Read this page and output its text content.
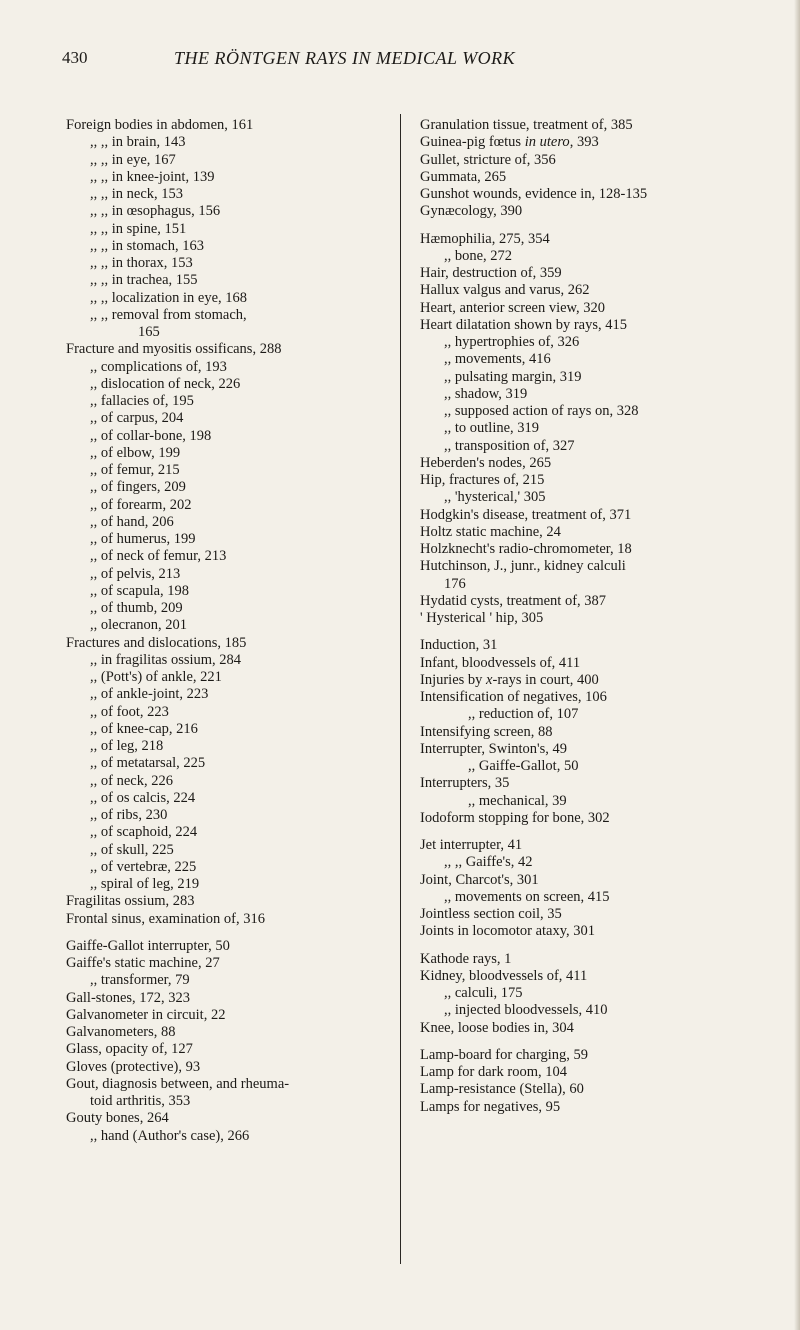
430	THE RÖNTGEN RAYS IN MEDICAL WORK
Foreign bodies in abdomen, 161
,, ,, in brain, 143
,, ,, in eye, 167
,, ,, in knee-joint, 139
,, ,, in neck, 153
,, ,, in œsophagus, 156
,, ,, in spine, 151
,, ,, in stomach, 163
,, ,, in thorax, 153
,, ,, in trachea, 155
,, ,, localization in eye, 168
,, ,, removal from stomach,
165
Fracture and myositis ossificans, 288
,, complications of, 193
,, dislocation of neck, 226
,, fallacies of, 195
,, of carpus, 204
,, of collar-bone, 198
,, of elbow, 199
,, of femur, 215
,, of fingers, 209
,, of forearm, 202
,, of hand, 206
,, of humerus, 199
,, of neck of femur, 213
,, of pelvis, 213
,, of scapula, 198
,, of thumb, 209
,, olecranon, 201
Fractures and dislocations, 185
,, in fragilitas ossium, 284
,, (Pott's) of ankle, 221
,, of ankle-joint, 223
,, of foot, 223
,, of knee-cap, 216
,, of leg, 218
,, of metatarsal, 225
,, of neck, 226
,, of os calcis, 224
,, of ribs, 230
,, of scaphoid, 224
,, of skull, 225
,, of vertebræ, 225
,, spiral of leg, 219
Fragilitas ossium, 283
Frontal sinus, examination of, 316
Gaiffe-Gallot interrupter, 50
Gaiffe's static machine, 27
,, transformer, 79
Gall-stones, 172, 323
Galvanometer in circuit, 22
Galvanometers, 88
Glass, opacity of, 127
Gloves (protective), 93
Gout, diagnosis between, and rheuma-
toid arthritis, 353
Gouty bones, 264
,, hand (Author's case), 266
Granulation tissue, treatment of, 385
Guinea-pig fœtus in utero, 393
Gullet, stricture of, 356
Gummata, 265
Gunshot wounds, evidence in, 128-135
Gynæcology, 390
Hæmophilia, 275, 354
,, bone, 272
Hair, destruction of, 359
Hallux valgus and varus, 262
Heart, anterior screen view, 320
Heart dilatation shown by rays, 415
,, hypertrophies of, 326
,, movements, 416
,, pulsating margin, 319
,, shadow, 319
,, supposed action of rays on, 328
,, to outline, 319
,, transposition of, 327
Heberden's nodes, 265
Hip, fractures of, 215
,, 'hysterical,' 305
Hodgkin's disease, treatment of, 371
Holtz static machine, 24
Holzknecht's radio-chromometer, 18
Hutchinson, J., junr., kidney calculi
176
Hydatid cysts, treatment of, 387
' Hysterical ' hip, 305
Induction, 31
Infant, bloodvessels of, 411
Injuries by x-rays in court, 400
Intensification of negatives, 106
,, reduction of, 107
Intensifying screen, 88
Interrupter, Swinton's, 49
,, Gaiffe-Gallot, 50
Interrupters, 35
,, mechanical, 39
Iodoform stopping for bone, 302
Jet interrupter, 41
,, ,, Gaiffe's, 42
Joint, Charcot's, 301
,, movements on screen, 415
Jointless section coil, 35
Joints in locomotor ataxy, 301
Kathode rays, 1
Kidney, bloodvessels of, 411
,, calculi, 175
,, injected bloodvessels, 410
Knee, loose bodies in, 304
Lamp-board for charging, 59
Lamp for dark room, 104
Lamp-resistance (Stella), 60
Lamps for negatives, 95
